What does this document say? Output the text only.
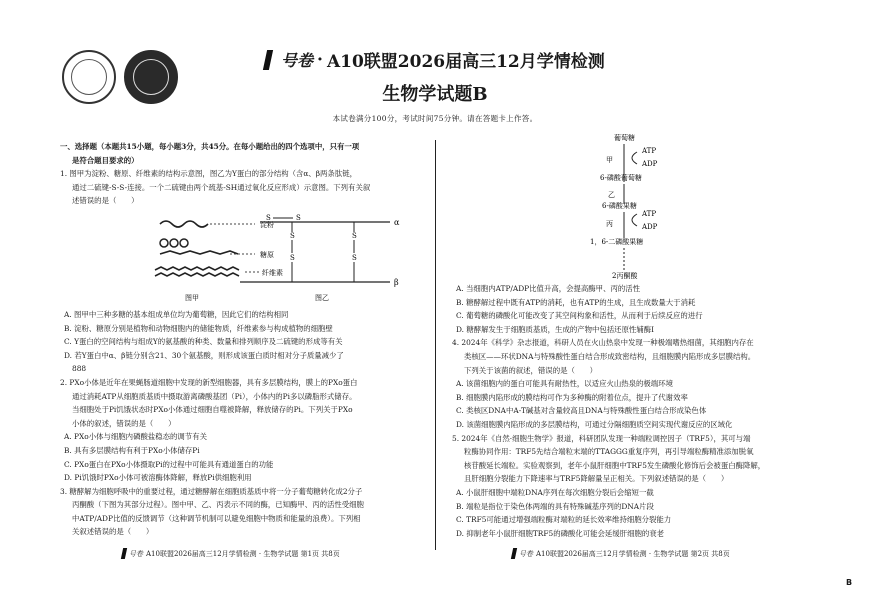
号卷 · A10联盟2026届高三12月学情检测
生物学试题B
本试卷满分100分，考试时间75分钟。请在答题卡上作答。

一、选择题（本题共15小题，每小题3分，共45分。在每小题给出的四个选项中，只有一项

是符合题目要求的）

1. 图甲为淀粉、糖原、纤维素的结构示意图，图乙为Y蛋白的部分结构（含α、β两条肽链，

通过二硫键-S-S-连接。一个二硫键由两个巯基-SH通过氧化反应形成）示意图。下列有关叙

述错误的是（　　）

淀粉
糖原
纤维素
图甲
α
S	S
S
S
S
S
β
图乙

A. 图甲中三种多糖的基本组成单位均为葡萄糖，因此它们的结构相同

B. 淀粉、糖原分别是植物和动物细胞内的储能物质，纤维素参与构成植物的细胞壁

C. Y蛋白的空间结构与组成Y的氨基酸的种类、数量和排列顺序及二硫键的形成等有关

D. 若Y蛋白中α、β链分别含21、30个氨基酸，则形成该蛋白质时相对分子质量减少了

888

2. PXo小体是近年在果蝇肠道细胞中发现的新型细胞器，具有多层膜结构，膜上的PXo蛋白

通过消耗ATP从细胞质基质中摄取游离磷酸基团（Pi），小体内的Pi多以磷脂形式储存。

当细胞处于Pi饥饿状态时PXo小体通过细胞自噬被降解，释放储存的Pi。下列关于PXo

小体的叙述，错误的是（　　）

A. PXo小体与细胞内磷酸盐稳态的调节有关

B. 具有多层膜结构有利于PXo小体储存Pi

C. PXo蛋白在PXo小体摄取Pi的过程中可能具有通道蛋白的功能

D. Pi饥饿时PXo小体可被溶酶体降解，释放Pi供细胞利用

3. 糖酵解为细胞呼吸中的重要过程，通过糖酵解在细胞质基质中将一分子葡萄糖转化成2分子

丙酮酸（下图为其部分过程）。图中甲、乙、丙表示不同的酶，已知酶甲、丙的活性受细胞

中ATP/ADP比值的反馈调节（这种调节机制可以避免细胞中物质和能量的浪费）。下列相

关叙述错误的是（　　）

葡萄糖
甲
ATP
ADP
6-磷酸葡萄糖
乙
6-磷酸果糖
丙
ATP
ADP
1，6-二磷酸果糖
2丙酮酸

A. 当细胞内ATP/ADP比值升高，会提高酶甲、丙的活性

B. 糖酵解过程中既有ATP的消耗，也有ATP的生成，且生成数量大于消耗

C. 葡萄糖的磷酸化可能改变了其空间构象和活性，从而利于后续反应的进行

D. 糖酵解发生于细胞质基质，生成的产物中包括还原性辅酶I

4. 2024年《科学》杂志报道，科研人员在火山热泉中发现一种极端嗜热细菌，其细胞内存在

类核区——环状DNA与特殊酸性蛋白结合形成致密结构，且细胞膜内陷形成多层膜结构。

下列关于该菌的叙述，错误的是（　　）

A. 该菌细胞内的蛋白可能具有耐热性，以适应火山热泉的极端环境

B. 细胞膜内陷形成的膜结构可作为多种酶的附着位点，提升了代谢效率

C. 类核区DNA中A-T碱基对含量较高且DNA与特殊酸性蛋白结合形成染色体

D. 该菌细胞膜内陷形成的多层膜结构，可通过分隔细胞质空间实现代谢反应的区域化

5. 2024年《自然·细胞生物学》报道，科研团队发现一种端粒调控因子（TRF5），其可与端

粒酶协同作用：TRF5先结合端粒末端的TTAGGG重复序列，再引导端粒酶精准添加脱氧

核苷酸延长端粒。实验观察到，老年小鼠肝细胞中TRF5发生磷酸化修饰后会被蛋白酶降解，

且肝细胞分裂能力下降速率与TRF5降解量呈正相关。下列叙述错误的是（　　）

A. 小鼠肝细胞中端粒DNA序列在每次细胞分裂后会缩短一截

B. 端粒是指位于染色体两端的具有特殊碱基序列的DNA片段

C. TRF5可能通过增强端粒酶对端粒的延长效率维持细胞分裂能力

D. 抑制老年小鼠肝细胞TRF5的磷酸化可能会延缓肝细胞的衰老

号卷 A10联盟2026届高三12月学情检测 · 生物学试题 第1页 共8页	号卷 A10联盟2026届高三12月学情检测 · 生物学试题 第2页 共8页
B
